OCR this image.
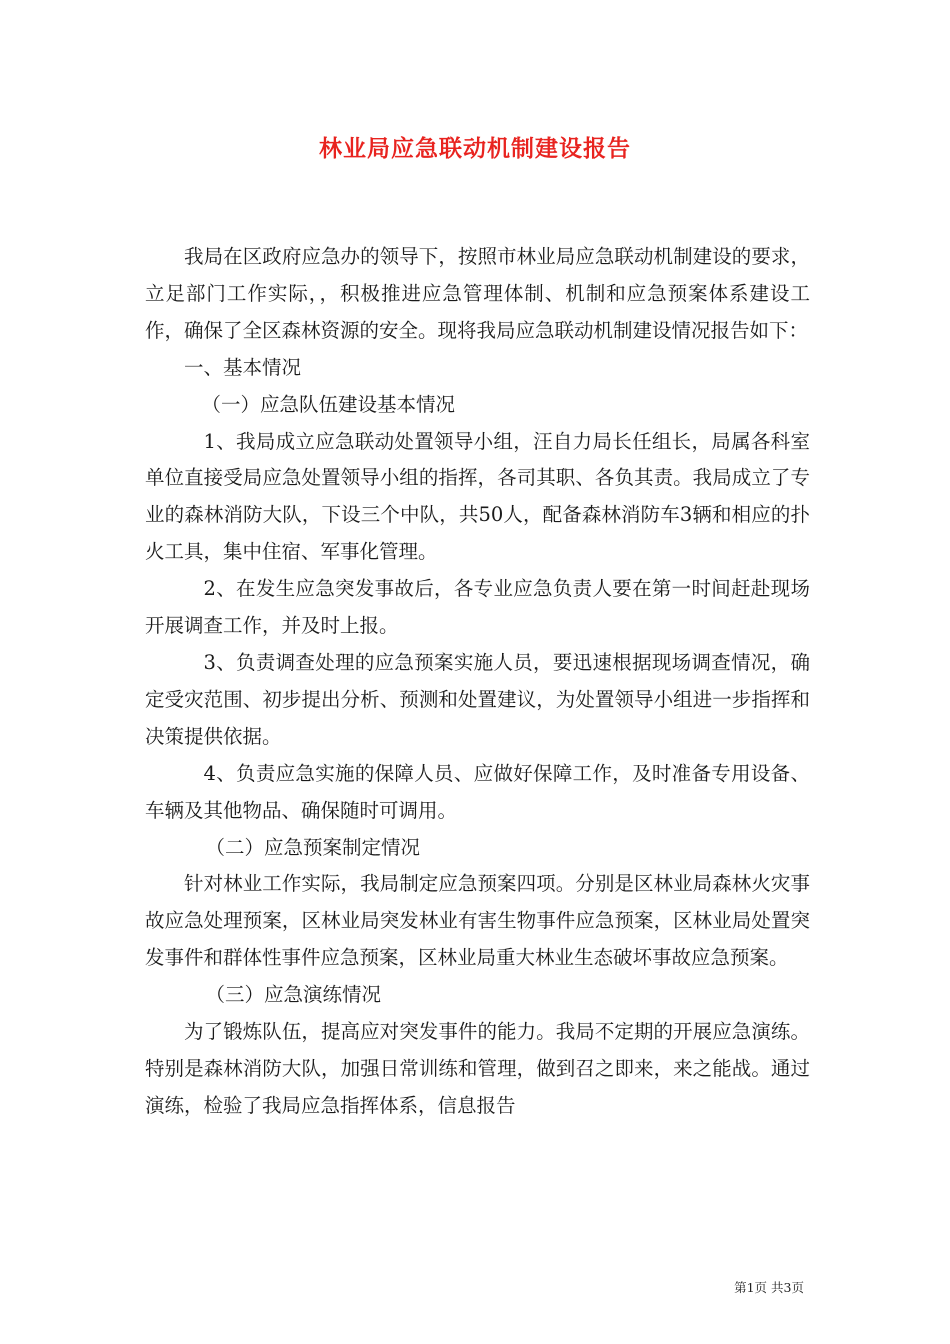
林业局应急联动机制建设报告

我局在区政府应急办的领导下，按照市林业局应急联动机制建设的要求，立足部门工作实际，，积极推进应急管理体制、机制和应急预案体系建设工作，确保了全区森林资源的安全。现将我局应急联动机制建设情况报告如下：

一、基本情况

（一）应急队伍建设基本情况

1、我局成立应急联动处置领导小组，汪自力局长任组长，局属各科室单位直接受局应急处置领导小组的指挥，各司其职、各负其责。我局成立了专业的森林消防大队，下设三个中队，共50人，配备森林消防车3辆和相应的扑火工具，集中住宿、军事化管理。

2、在发生应急突发事故后，各专业应急负责人要在第一时间赶赴现场开展调查工作，并及时上报。

3、负责调查处理的应急预案实施人员，要迅速根据现场调查情况，确定受灾范围、初步提出分析、预测和处置建议，为处置领导小组进一步指挥和决策提供依据。

4、负责应急实施的保障人员、应做好保障工作，及时准备专用设备、车辆及其他物品、确保随时可调用。

（二）应急预案制定情况

针对林业工作实际，我局制定应急预案四项。分别是区林业局森林火灾事故应急处理预案，区林业局突发林业有害生物事件应急预案，区林业局处置突发事件和群体性事件应急预案，区林业局重大林业生态破坏事故应急预案。

（三）应急演练情况

为了锻炼队伍，提高应对突发事件的能力。我局不定期的开展应急演练。特别是森林消防大队，加强日常训练和管理，做到召之即来，来之能战。通过演练，检验了我局应急指挥体系，信息报告

第1页 共3页
